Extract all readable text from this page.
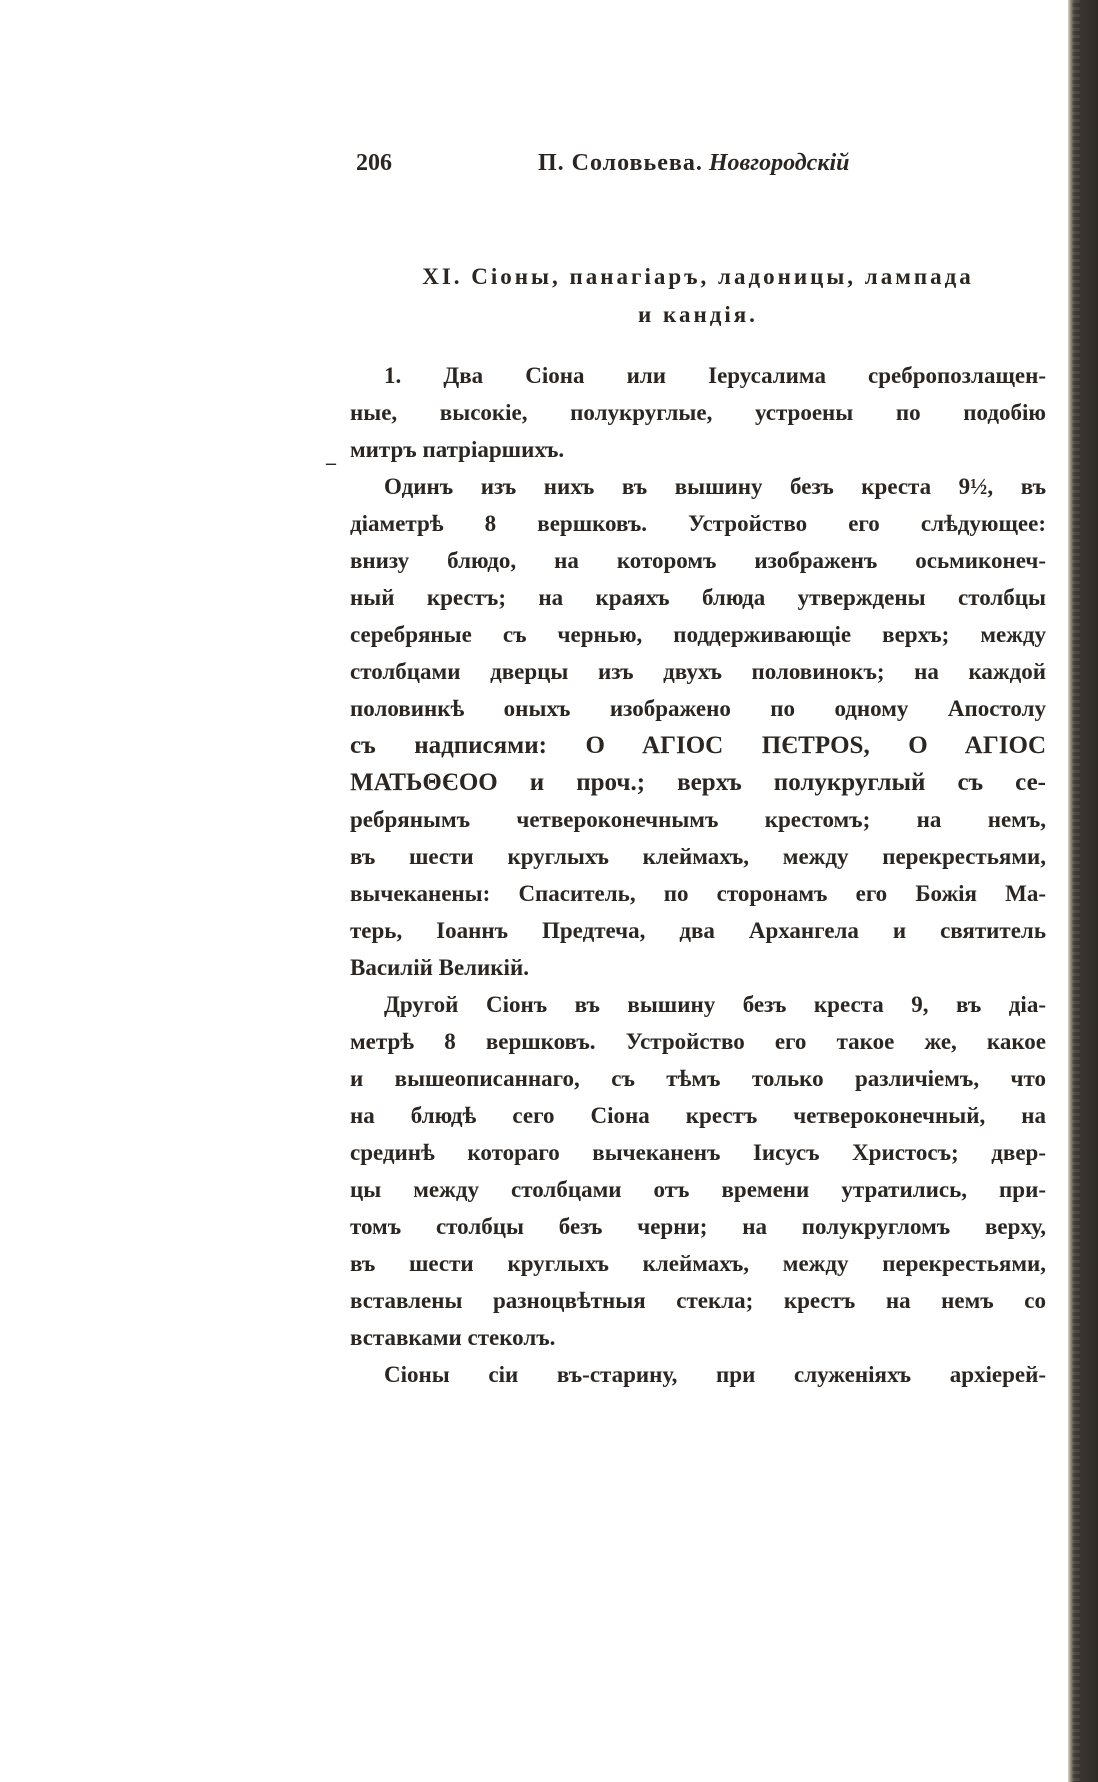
206	П. Соловьева. Новгородскій
XI. Сіоны, панагіаръ, ладоницы, лампада
и кандія.
–
1. Два Сіона или Іерусалима сребропозлащен-
ные, высокіе, полукруглые, устроены по подобію
митръ патріаршихъ.
Одинъ изъ нихъ въ вышину безъ креста 9½, въ
діаметрѣ 8 вершковъ. Устройство его слѣдующее:
внизу блюдо, на которомъ изображенъ осьмиконеч-
ный крестъ; на краяхъ блюда утверждены столбцы
серебряные съ чернью, поддерживающіе верхъ; между
столбцами дверцы изъ двухъ половинокъ; на каждой
половинкѣ оныхъ изображено по одному Апостолу
съ надписями: Ο ΑΓΙΟC ΠЄΤΡΟS, Ο ΑΓΙΟC
ΜΑΤЬΘЄΟΟ и проч.; верхъ полукруглый съ се-
ребрянымъ четвероконечнымъ крестомъ; на немъ,
въ шести круглыхъ клеймахъ, между перекрестьями,
вычеканены: Спаситель, по сторонамъ его Божія Ма-
терь, Іоаннъ Предтеча, два Архангела и святитель
Василій Великій.
Другой Сіонъ въ вышину безъ креста 9, въ діа-
метрѣ 8 вершковъ. Устройство его такое же, какое
и вышеописаннаго, съ тѣмъ только различіемъ, что
на блюдѣ сего Сіона крестъ четвероконечный, на
срединѣ котораго вычеканенъ Іисусъ Христосъ; двер-
цы между столбцами отъ времени утратились, при-
томъ столбцы безъ черни; на полукругломъ верху,
въ шести круглыхъ клеймахъ, между перекрестьями,
вставлены разноцвѣтныя стекла; крестъ на немъ со
вставками стеколъ.
Сіоны сіи въ-старину, при служеніяхъ архіерей-
